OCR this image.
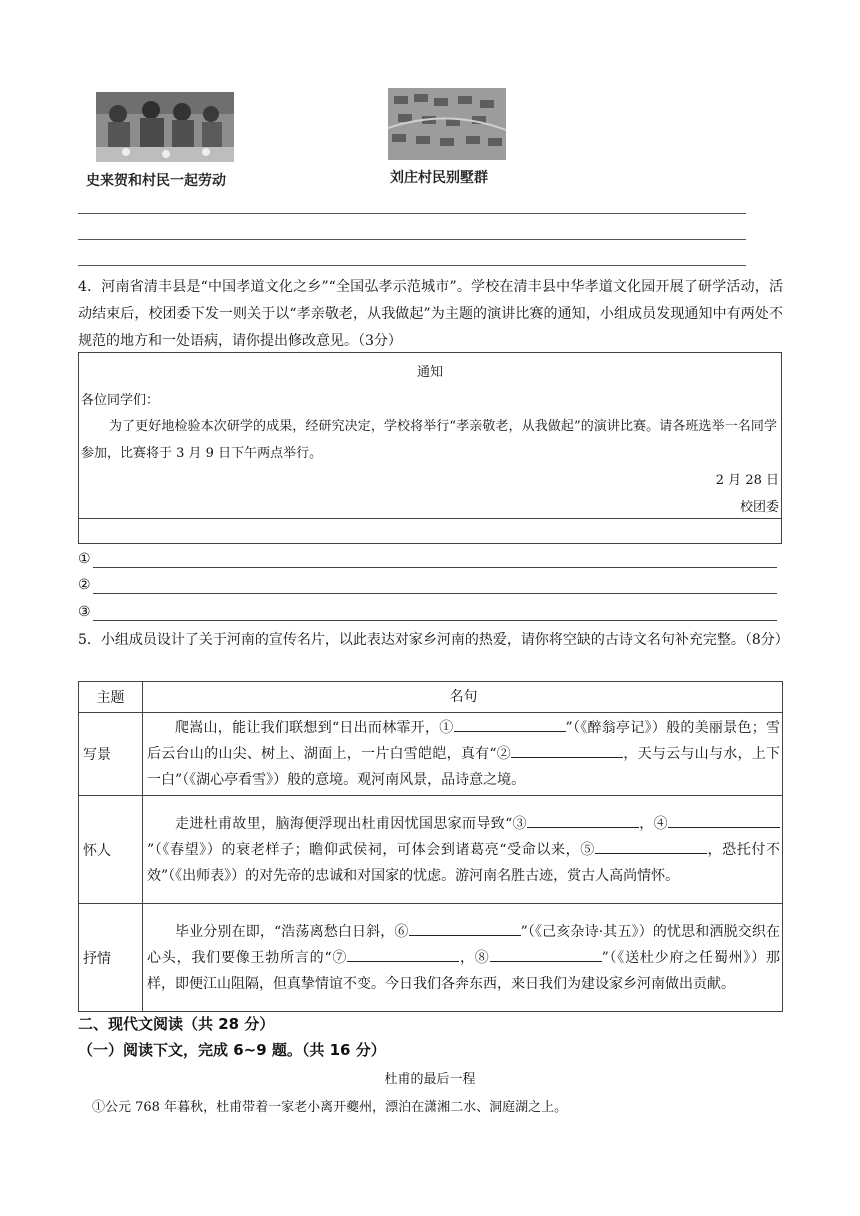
史来贺和村民一起劳动	刘庄村民别墅群
4．河南省清丰县是“中国孝道文化之乡”“全国弘孝示范城市”。学校在清丰县中华孝道文化园开展了研学活动，活动结束后，校团委下发一则关于以“孝亲敬老，从我做起”为主题的演讲比赛的通知，小组成员发现通知中有两处不规范的地方和一处语病，请你提出修改意见。（3分）
通知
各位同学们：
为了更好地检验本次研学的成果，经研究决定，学校将举行“孝亲敬老，从我做起”的演讲比赛。请各班选举一名同学参加，比赛将于 3 月 9 日下午两点举行。
2 月 28 日
校团委
①
②
③
5．小组成员设计了关于河南的宣传名片，以此表达对家乡河南的热爱，请你将空缺的古诗文名句补充完整。（8分）
主题	名句
写景	爬嵩山，能让我们联想到“日出而林霏开，① ”（《醉翁亭记》）般的美丽景色；雪后云台山的山尖、树上、湖面上，一片白雪皑皑，真有“② ，天与云与山与水，上下一白”（《湖心亭看雪》）般的意境。观河南风景，品诗意之境。
怀人	走进杜甫故里，脑海便浮现出杜甫因忧国思家而导致“③ ，④”（《春望》）的衰老样子；瞻仰武侯祠，可体会到诸葛亮“受命以来，⑤ ，恐托付不效”（《出师表》）的对先帝的忠诚和对国家的忧虑。游河南名胜古迹，赏古人高尚情怀。
抒情	毕业分别在即，“浩荡离愁白日斜，⑥ ”（《己亥杂诗·其五》）的忧思和洒脱交织在心头，我们要像王勃所言的“⑦ ，⑧ ”（《送杜少府之任蜀州》）那样，即便江山阻隔，但真挚情谊不变。今日我们各奔东西，来日我们为建设家乡河南做出贡献。
二、现代文阅读（共 28 分）
（一）阅读下文，完成 6~9 题。（共 16 分）
杜甫的最后一程
①公元 768 年暮秋，杜甫带着一家老小离开夔州，漂泊在潇湘二水、洞庭湖之上。
